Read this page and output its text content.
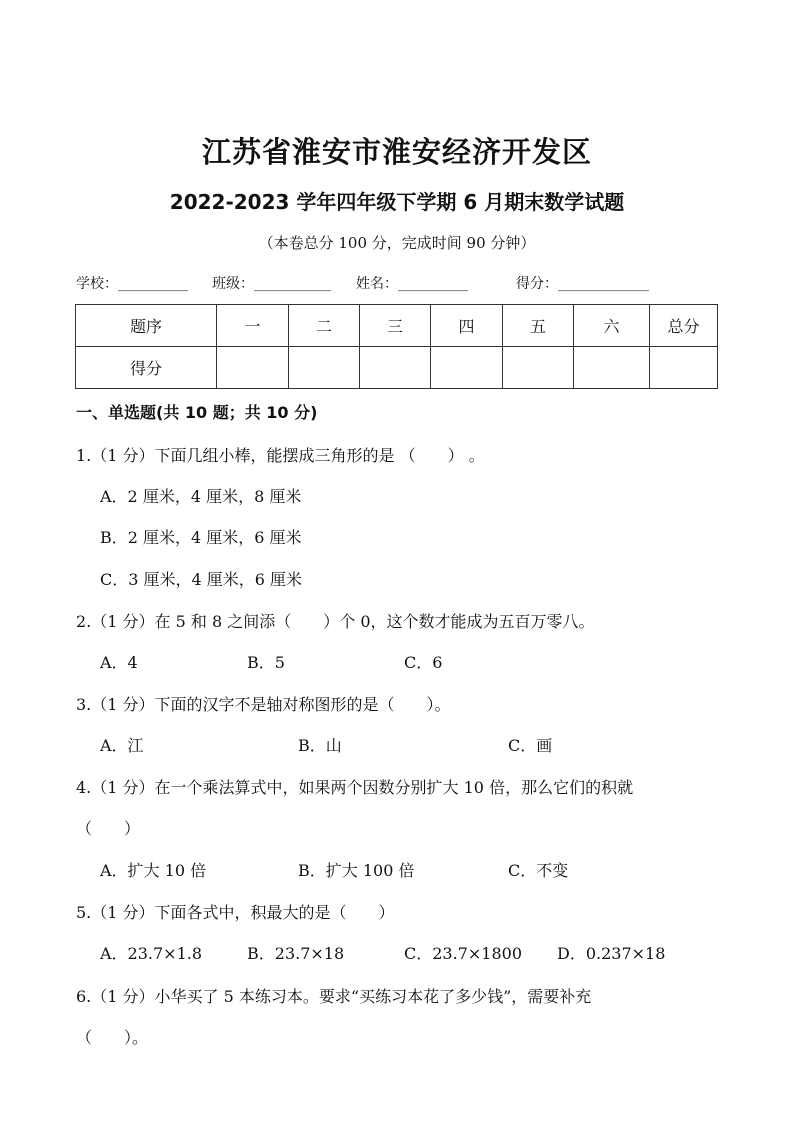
江苏省淮安市淮安经济开发区
2022-2023 学年四年级下学期 6 月期末数学试题
（本卷总分 100 分，完成时间 90 分钟）
学校：__________ 班级：___________ 姓名：__________	得分：_____________
题序	一	二	三	四	五	六	总分
得分							
一、单选题(共 10 题；共 10 分)
1.（1 分）下面几组小棒，能摆成三角形的是 （　　） 。
A．2 厘米，4 厘米，8 厘米
B．2 厘米，4 厘米，6 厘米
C．3 厘米，4 厘米，6 厘米
2.（1 分）在 5 和 8 之间添（　　）个 0，这个数才能成为五百万零八。
A．4	B．5	C．6
3.（1 分）下面的汉字不是轴对称图形的是（　　）。
A．江	B．山	C．画
4.（1 分）在一个乘法算式中，如果两个因数分别扩大 10 倍，那么它们的积就
（　　）
A．扩大 10 倍	B．扩大 100 倍	C．不变
5.（1 分）下面各式中，积最大的是（　　）
A．23.7×1.8	B．23.7×18	C．23.7×1800 D．0.237×18
6.（1 分）小华买了 5 本练习本。要求“买练习本花了多少钱”，需要补充
（　　）。
